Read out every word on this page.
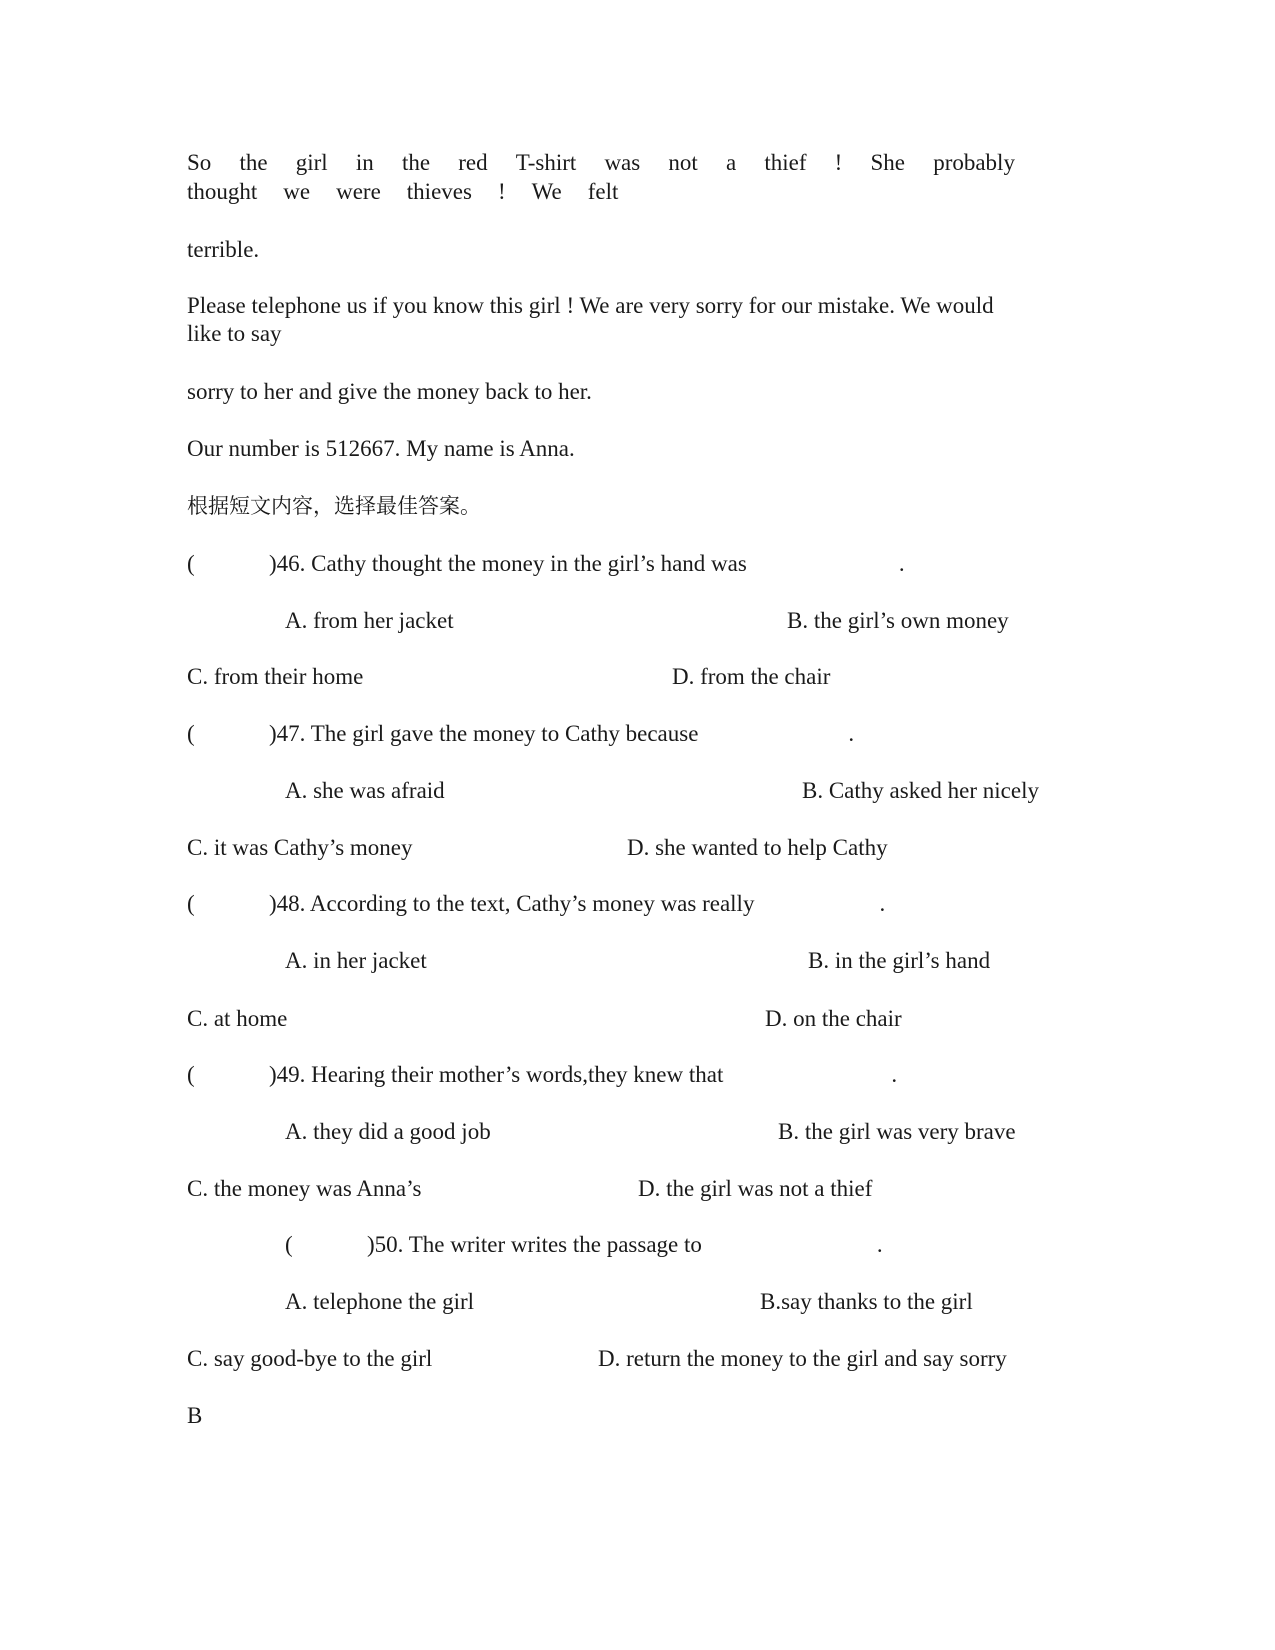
So the girl in the red T-shirt was not a thief ! She probably
thought we were thieves ! We felt
terrible.
Please telephone us if you know this girl ! We are very sorry for our mistake. We would
like to say
sorry to her and give the money back to her.
Our number is 512667. My name is Anna.
根据短文内容，选择最佳答案。
(	)46. Cathy thought the money in the girl’s hand was	.
A. from her jacket	B. the girl’s own money
C. from their home	D. from the chair
(	)47. The girl gave the money to Cathy because	.
A. she was afraid	B. Cathy asked her nicely
C. it was Cathy’s money	D. she wanted to help Cathy
(	)48. According to the text, Cathy’s money was really	.
A. in her jacket	B. in the girl’s hand
C. at home	D. on the chair
(	)49. Hearing their mother’s words,they knew that	.
A. they did a good job	B. the girl was very brave
C. the money was Anna’s	D. the girl was not a thief
(	)50. The writer writes the passage to	.
A. telephone the girl	B.say thanks to the girl
C. say good-bye to the girl	D. return the money to the girl and say sorry
B
